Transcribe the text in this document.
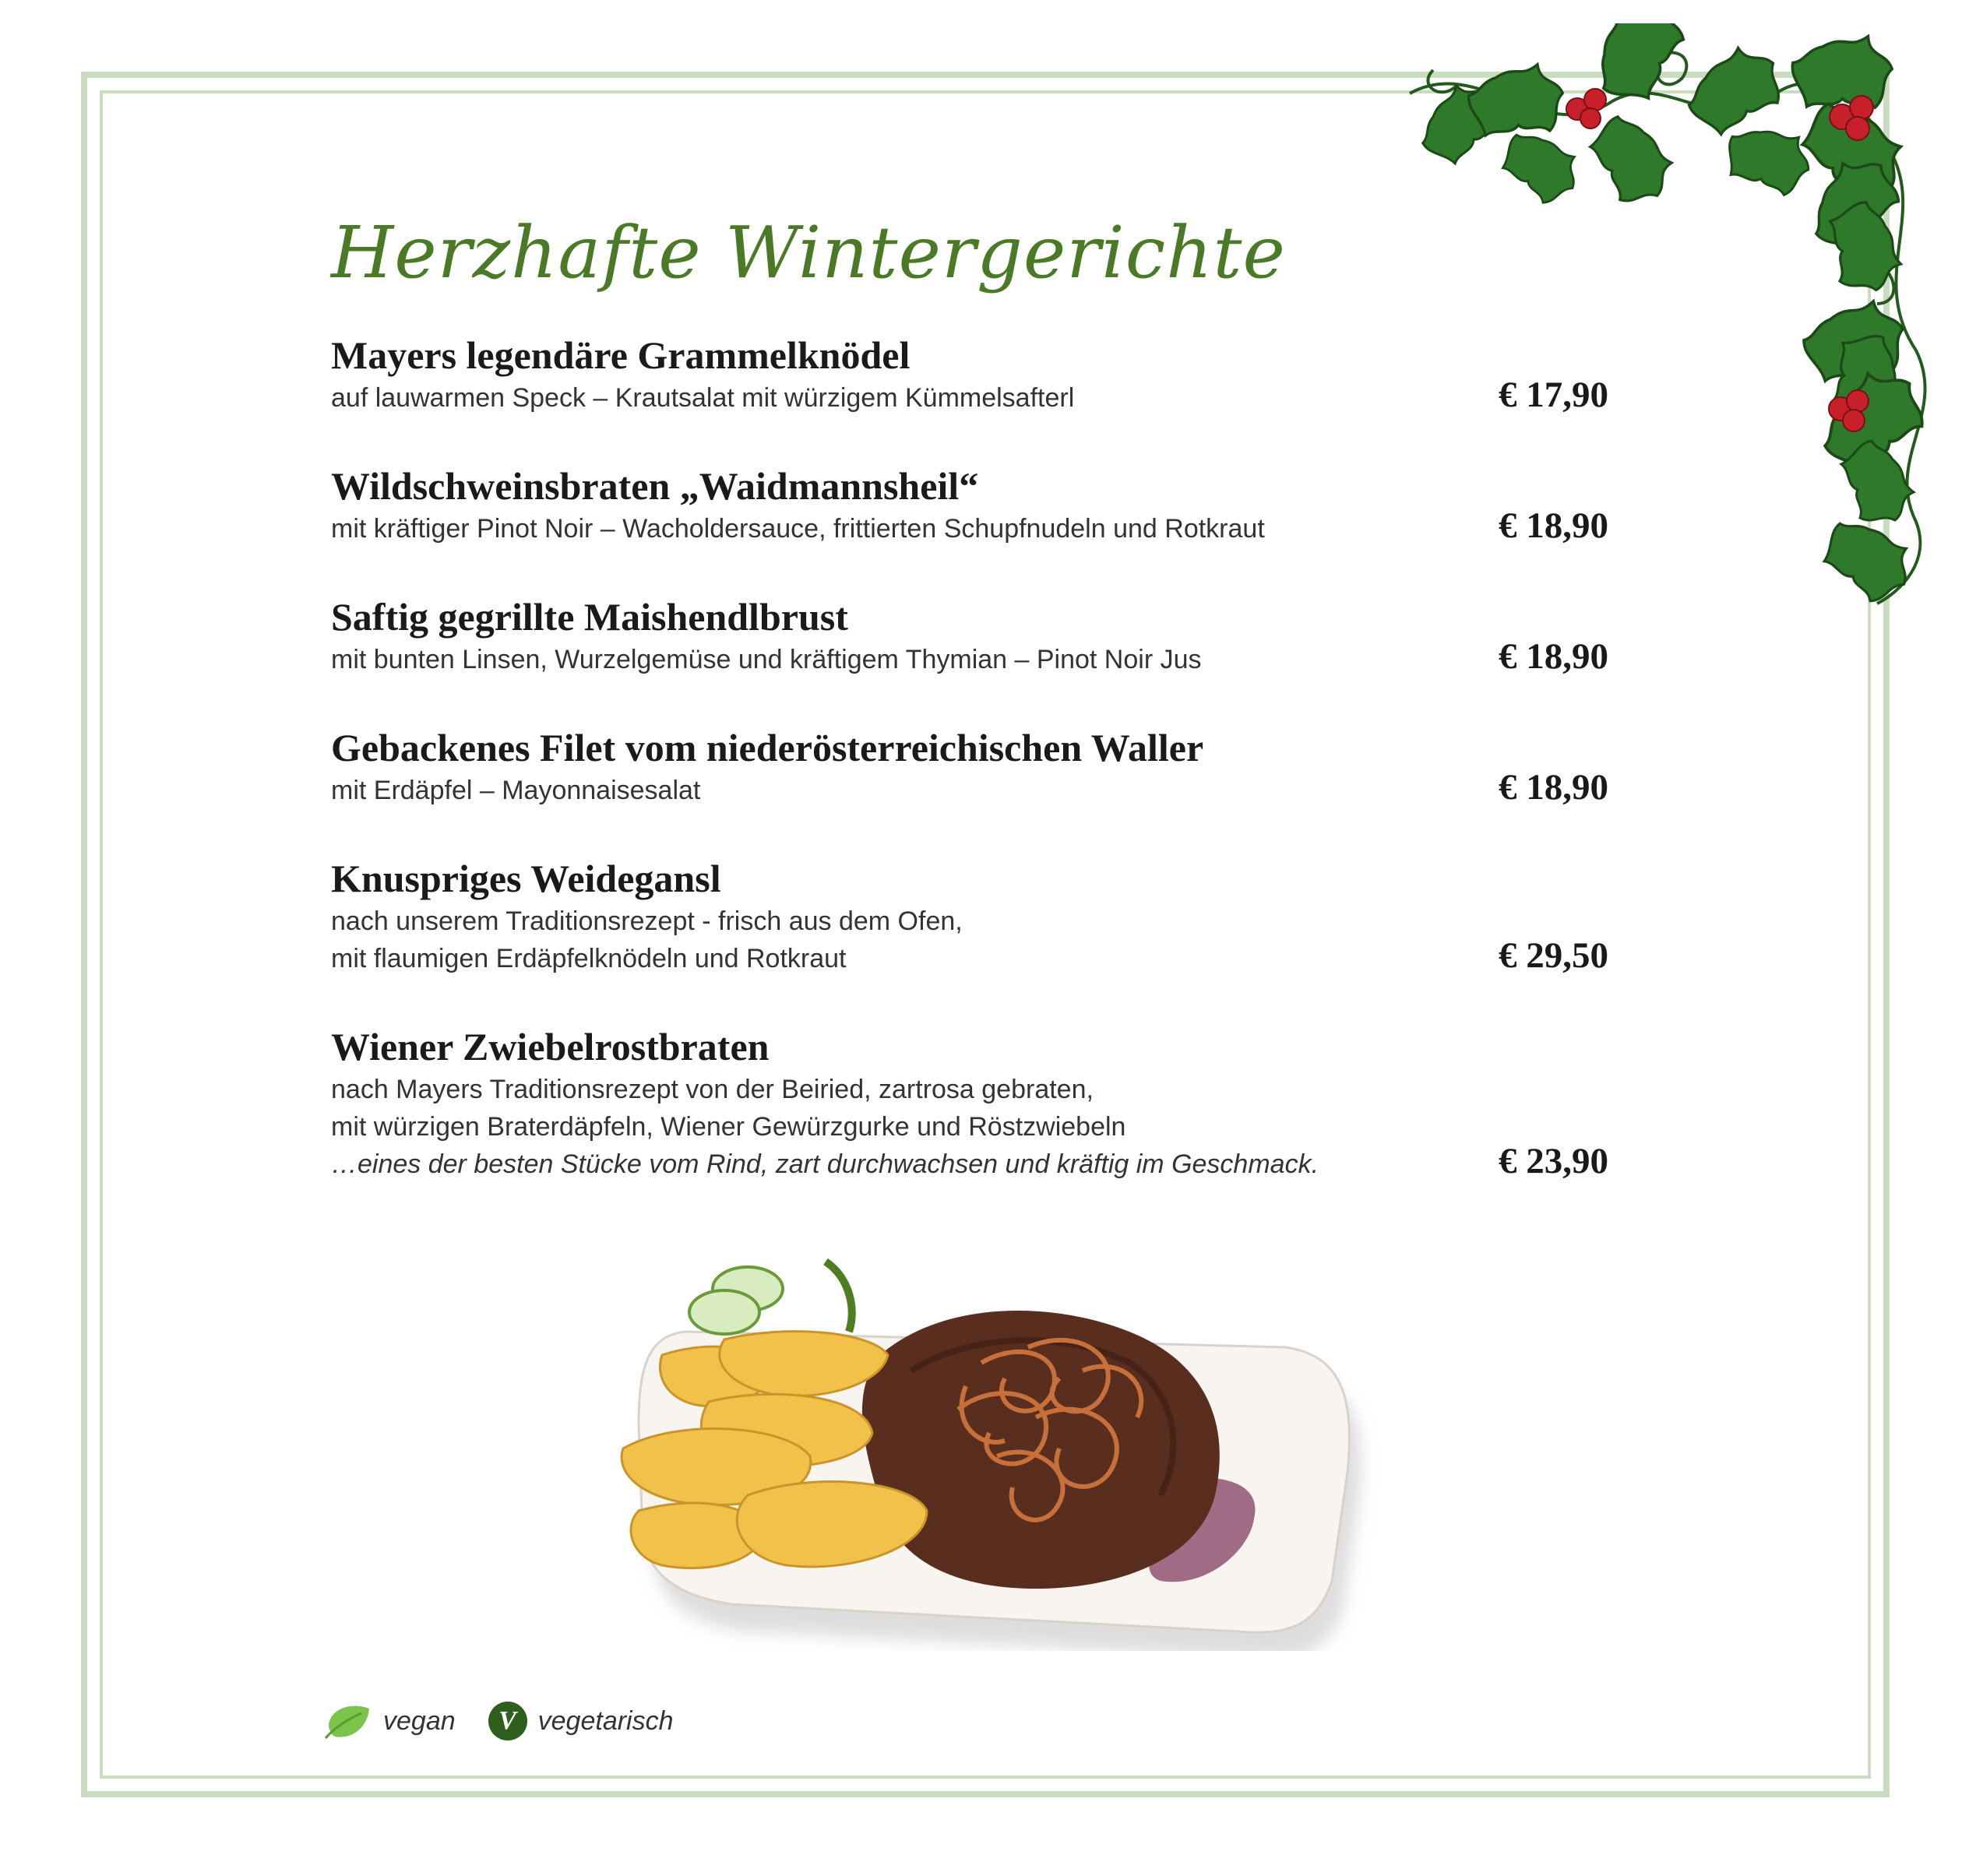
Herzhafte Wintergerichte
Mayers legendäre Grammelknödel
auf lauwarmen Speck – Krautsalat mit würzigem Kümmelsafterl	€ 17,90
Wildschweinsbraten „Waidmannsheil“
mit kräftiger Pinot Noir – Wacholdersauce, frittierten Schupfnudeln und Rotkraut	€ 18,90
Saftig gegrillte Maishendlbrust
mit bunten Linsen, Wurzelgemüse und kräftigem Thymian – Pinot Noir Jus	€ 18,90
Gebackenes Filet vom niederösterreichischen Waller
mit Erdäpfel – Mayonnaisesalat	€ 18,90
Knuspriges Weidegansl
nach unserem Traditionsrezept - frisch aus dem Ofen,
mit flaumigen Erdäpfelknödeln und Rotkraut	€ 29,50
Wiener Zwiebelrostbraten
nach Mayers Traditionsrezept von der Beiried, zartrosa gebraten,
mit würzigen Braterdäpfeln, Wiener Gewürzgurke und Röstzwiebeln
…eines der besten Stücke vom Rind, zart durchwachsen und kräftig im Geschmack.	€ 23,90
vegan	V vegetarisch
